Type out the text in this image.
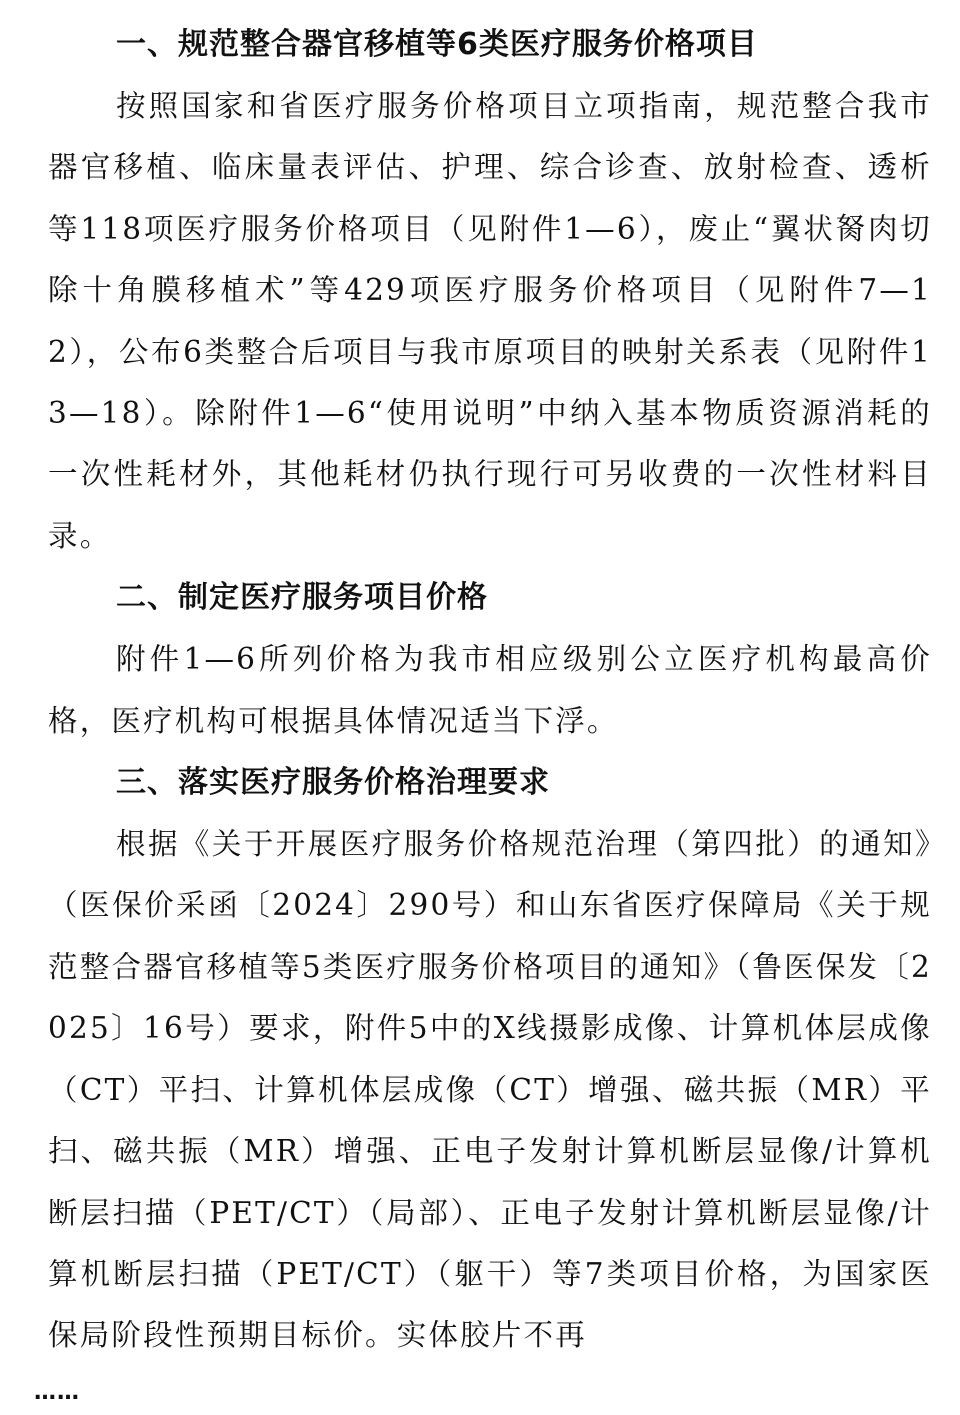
一、规范整合器官移植等6类医疗服务价格项目
按照国家和省医疗服务价格项目立项指南，规范整合我市器官移植、临床量表评估、护理、综合诊查、放射检查、透析等118项医疗服务价格项目（见附件1—6），废止“翼状胬肉切除十角膜移植术”等429项医疗服务价格项目（见附件7—12），公布6类整合后项目与我市原项目的映射关系表（见附件13—18）。除附件1—6“使用说明”中纳入基本物质资源消耗的一次性耗材外，其他耗材仍执行现行可另收费的一次性材料目录。
二、制定医疗服务项目价格
附件1—6所列价格为我市相应级别公立医疗机构最高价格，医疗机构可根据具体情况适当下浮。
三、落实医疗服务价格治理要求
根据《关于开展医疗服务价格规范治理（第四批）的通知》（医保价采函〔2024〕290号）和山东省医疗保障局《关于规范整合器官移植等5类医疗服务价格项目的通知》（鲁医保发〔2025〕16号）要求，附件5中的X线摄影成像、计算机体层成像（CT）平扫、计算机体层成像（CT）增强、磁共振（MR）平扫、磁共振（MR）增强、正电子发射计算机断层显像/计算机断层扫描（PET/CT）（局部）、正电子发射计算机断层显像/计算机断层扫描（PET/CT）（躯干）等7类项目价格，为国家医保局阶段性预期目标价。实体胶片不再
……
